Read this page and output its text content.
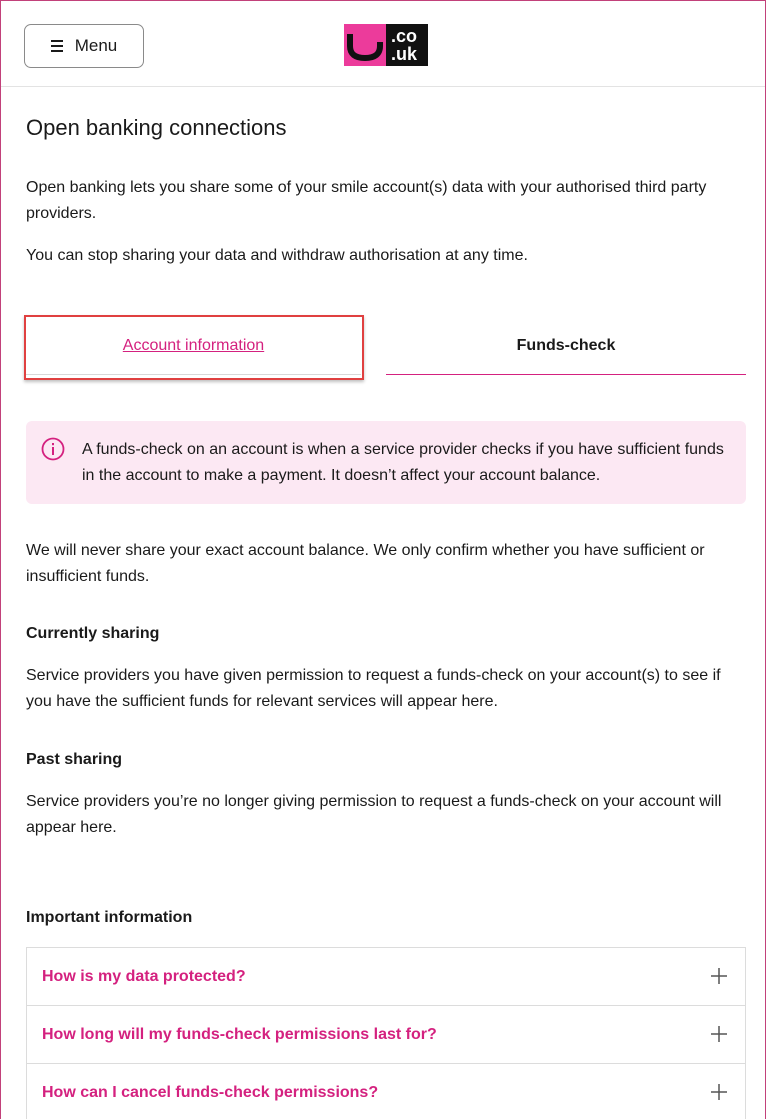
Menu	.co
.uk
Open banking connections
Open banking lets you share some of your smile account(s) data with your authorised third party providers.
You can stop sharing your data and withdraw authorisation at any time.
Account information	Funds-check
A funds-check on an account is when a service provider checks if you have sufficient funds in the account to make a payment. It doesn’t affect your account balance.
We will never share your exact account balance. We only confirm whether you have sufficient or insufficient funds.
Currently sharing
Service providers you have given permission to request a funds-check on your account(s) to see if you have the sufficient funds for relevant services will appear here.
Past sharing
Service providers you’re no longer giving permission to request a funds-check on your account will appear here.
Important information
How is my data protected?
How long will my funds-check permissions last for?
How can I cancel funds-check permissions?
